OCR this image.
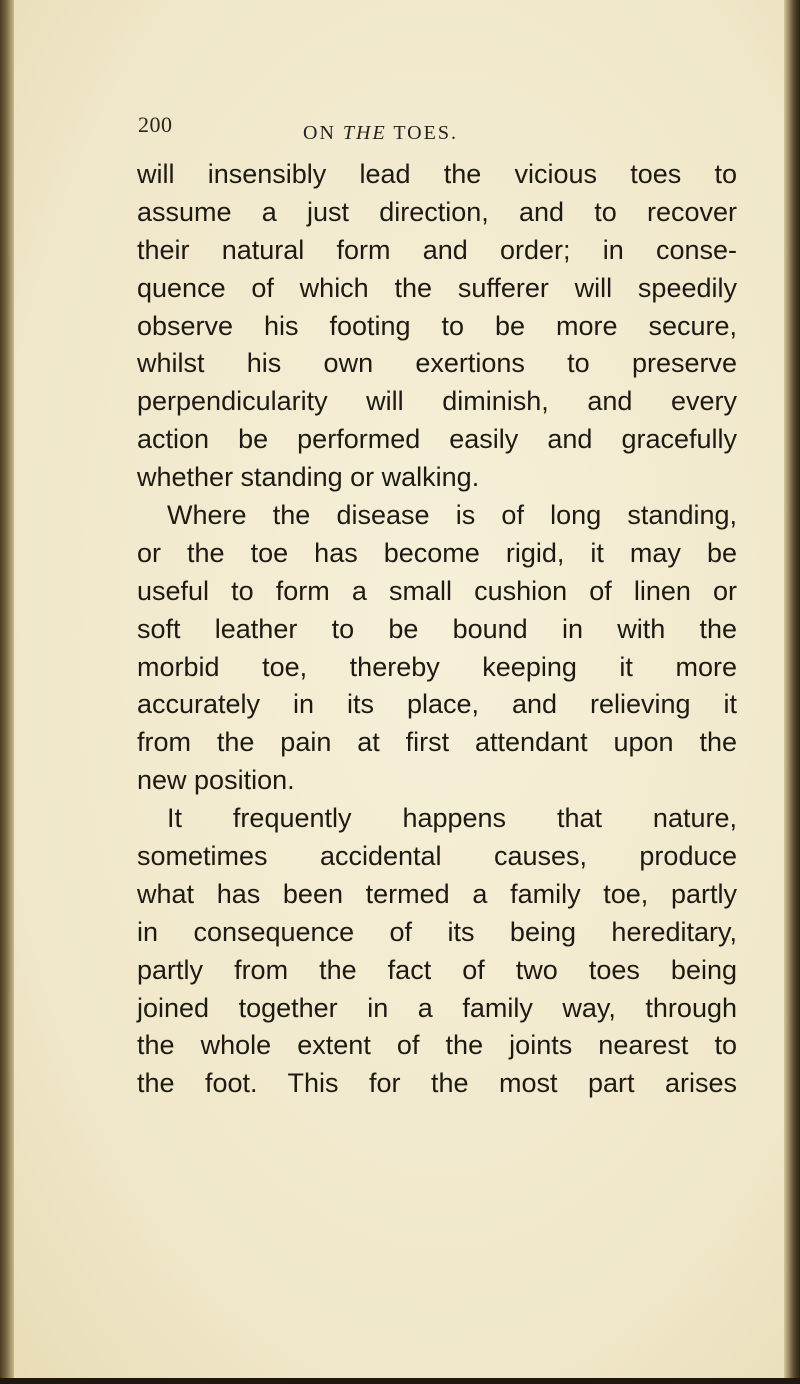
200	ON THE TOES.
will insensibly lead the vicious toes to
assume a just direction, and to recover
their natural form and order; in conse-
quence of which the sufferer will speedily
observe his footing to be more secure,
whilst his own exertions to preserve
perpendicularity will diminish, and every
action be performed easily and gracefully
whether standing or walking.
Where the disease is of long standing,
or the toe has become rigid, it may be
useful to form a small cushion of linen or
soft leather to be bound in with the
morbid toe, thereby keeping it more
accurately in its place, and relieving it
from the pain at first attendant upon the
new position.
It frequently happens that nature,
sometimes accidental causes, produce
what has been termed a family toe, partly
in consequence of its being hereditary,
partly from the fact of two toes being
joined together in a family way, through
the whole extent of the joints nearest to
the foot. This for the most part arises
